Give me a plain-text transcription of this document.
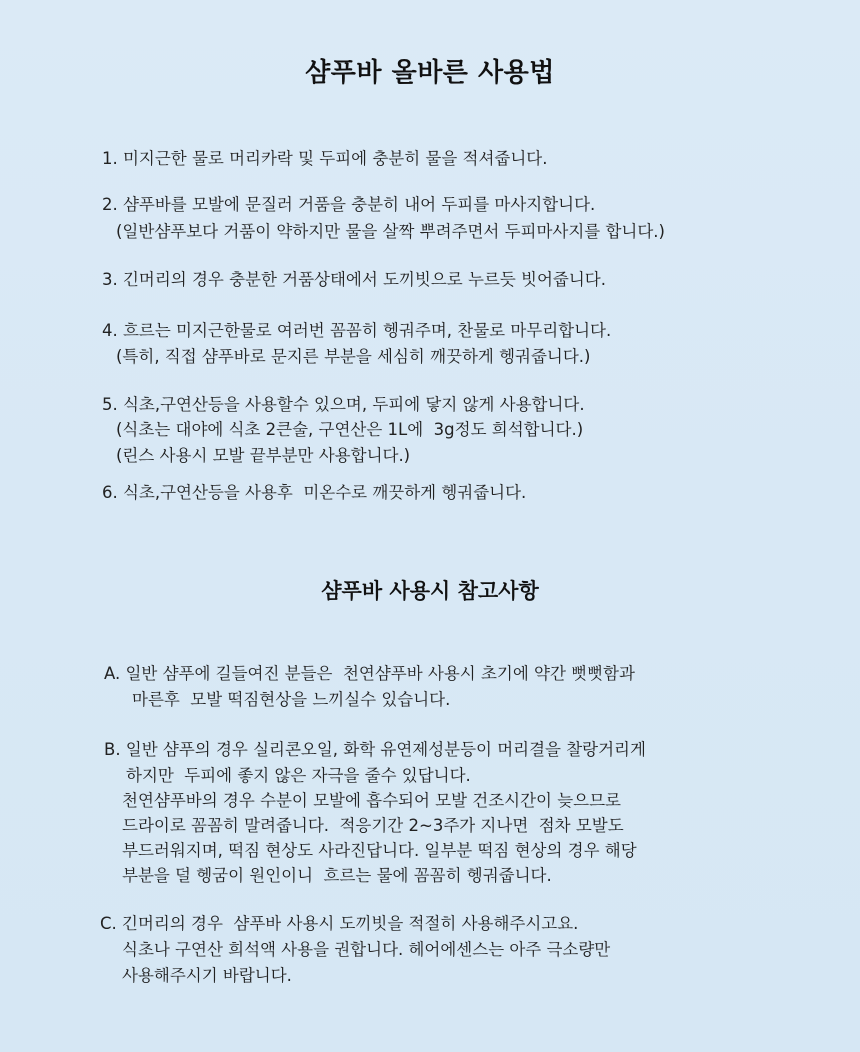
샴푸바 올바른 사용법
1. 미지근한 물로 머리카락 및 두피에 충분히 물을 적셔줍니다.
2. 샴푸바를 모발에 문질러 거품을 충분히 내어 두피를 마사지합니다.
(일반샴푸보다 거품이 약하지만 물을 살짝 뿌려주면서 두피마사지를 합니다.)
3. 긴머리의 경우 충분한 거품상태에서 도끼빗으로 누르듯 빗어줍니다.
4. 흐르는 미지근한물로 여러번 꼼꼼히 헹궈주며, 찬물로 마무리합니다.
(특히, 직접 샴푸바로 문지른 부분을 세심히 깨끗하게 헹궈줍니다.)
5. 식초,구연산등을 사용할수 있으며, 두피에 닿지 않게 사용합니다.
(식초는 대야에 식초 2큰술, 구연산은 1L에  3g정도 희석합니다.)
(린스 사용시 모발 끝부분만 사용합니다.)
6. 식초,구연산등을 사용후  미온수로 깨끗하게 헹궈줍니다.
샴푸바 사용시 참고사항
A. 일반 샴푸에 길들여진 분들은  천연샴푸바 사용시 초기에 약간 뻣뻣함과
마른후  모발 떡짐현상을 느끼실수 있습니다.
B. 일반 샴푸의 경우 실리콘오일, 화학 유연제성분등이 머리결을 찰랑거리게
하지만  두피에 좋지 않은 자극을 줄수 있답니다.
천연샴푸바의 경우 수분이 모발에 흡수되어 모발 건조시간이 늦으므로
드라이로 꼼꼼히 말려줍니다.  적응기간 2~3주가 지나면  점차 모발도
부드러워지며, 떡짐 현상도 사라진답니다. 일부분 떡짐 현상의 경우 해당
부분을 덜 헹굼이 원인이니  흐르는 물에 꼼꼼히 헹궈줍니다.
C. 긴머리의 경우  샴푸바 사용시 도끼빗을 적절히 사용해주시고요.
식초나 구연산 희석액 사용을 권합니다. 헤어에센스는 아주 극소량만
사용해주시기 바랍니다.
